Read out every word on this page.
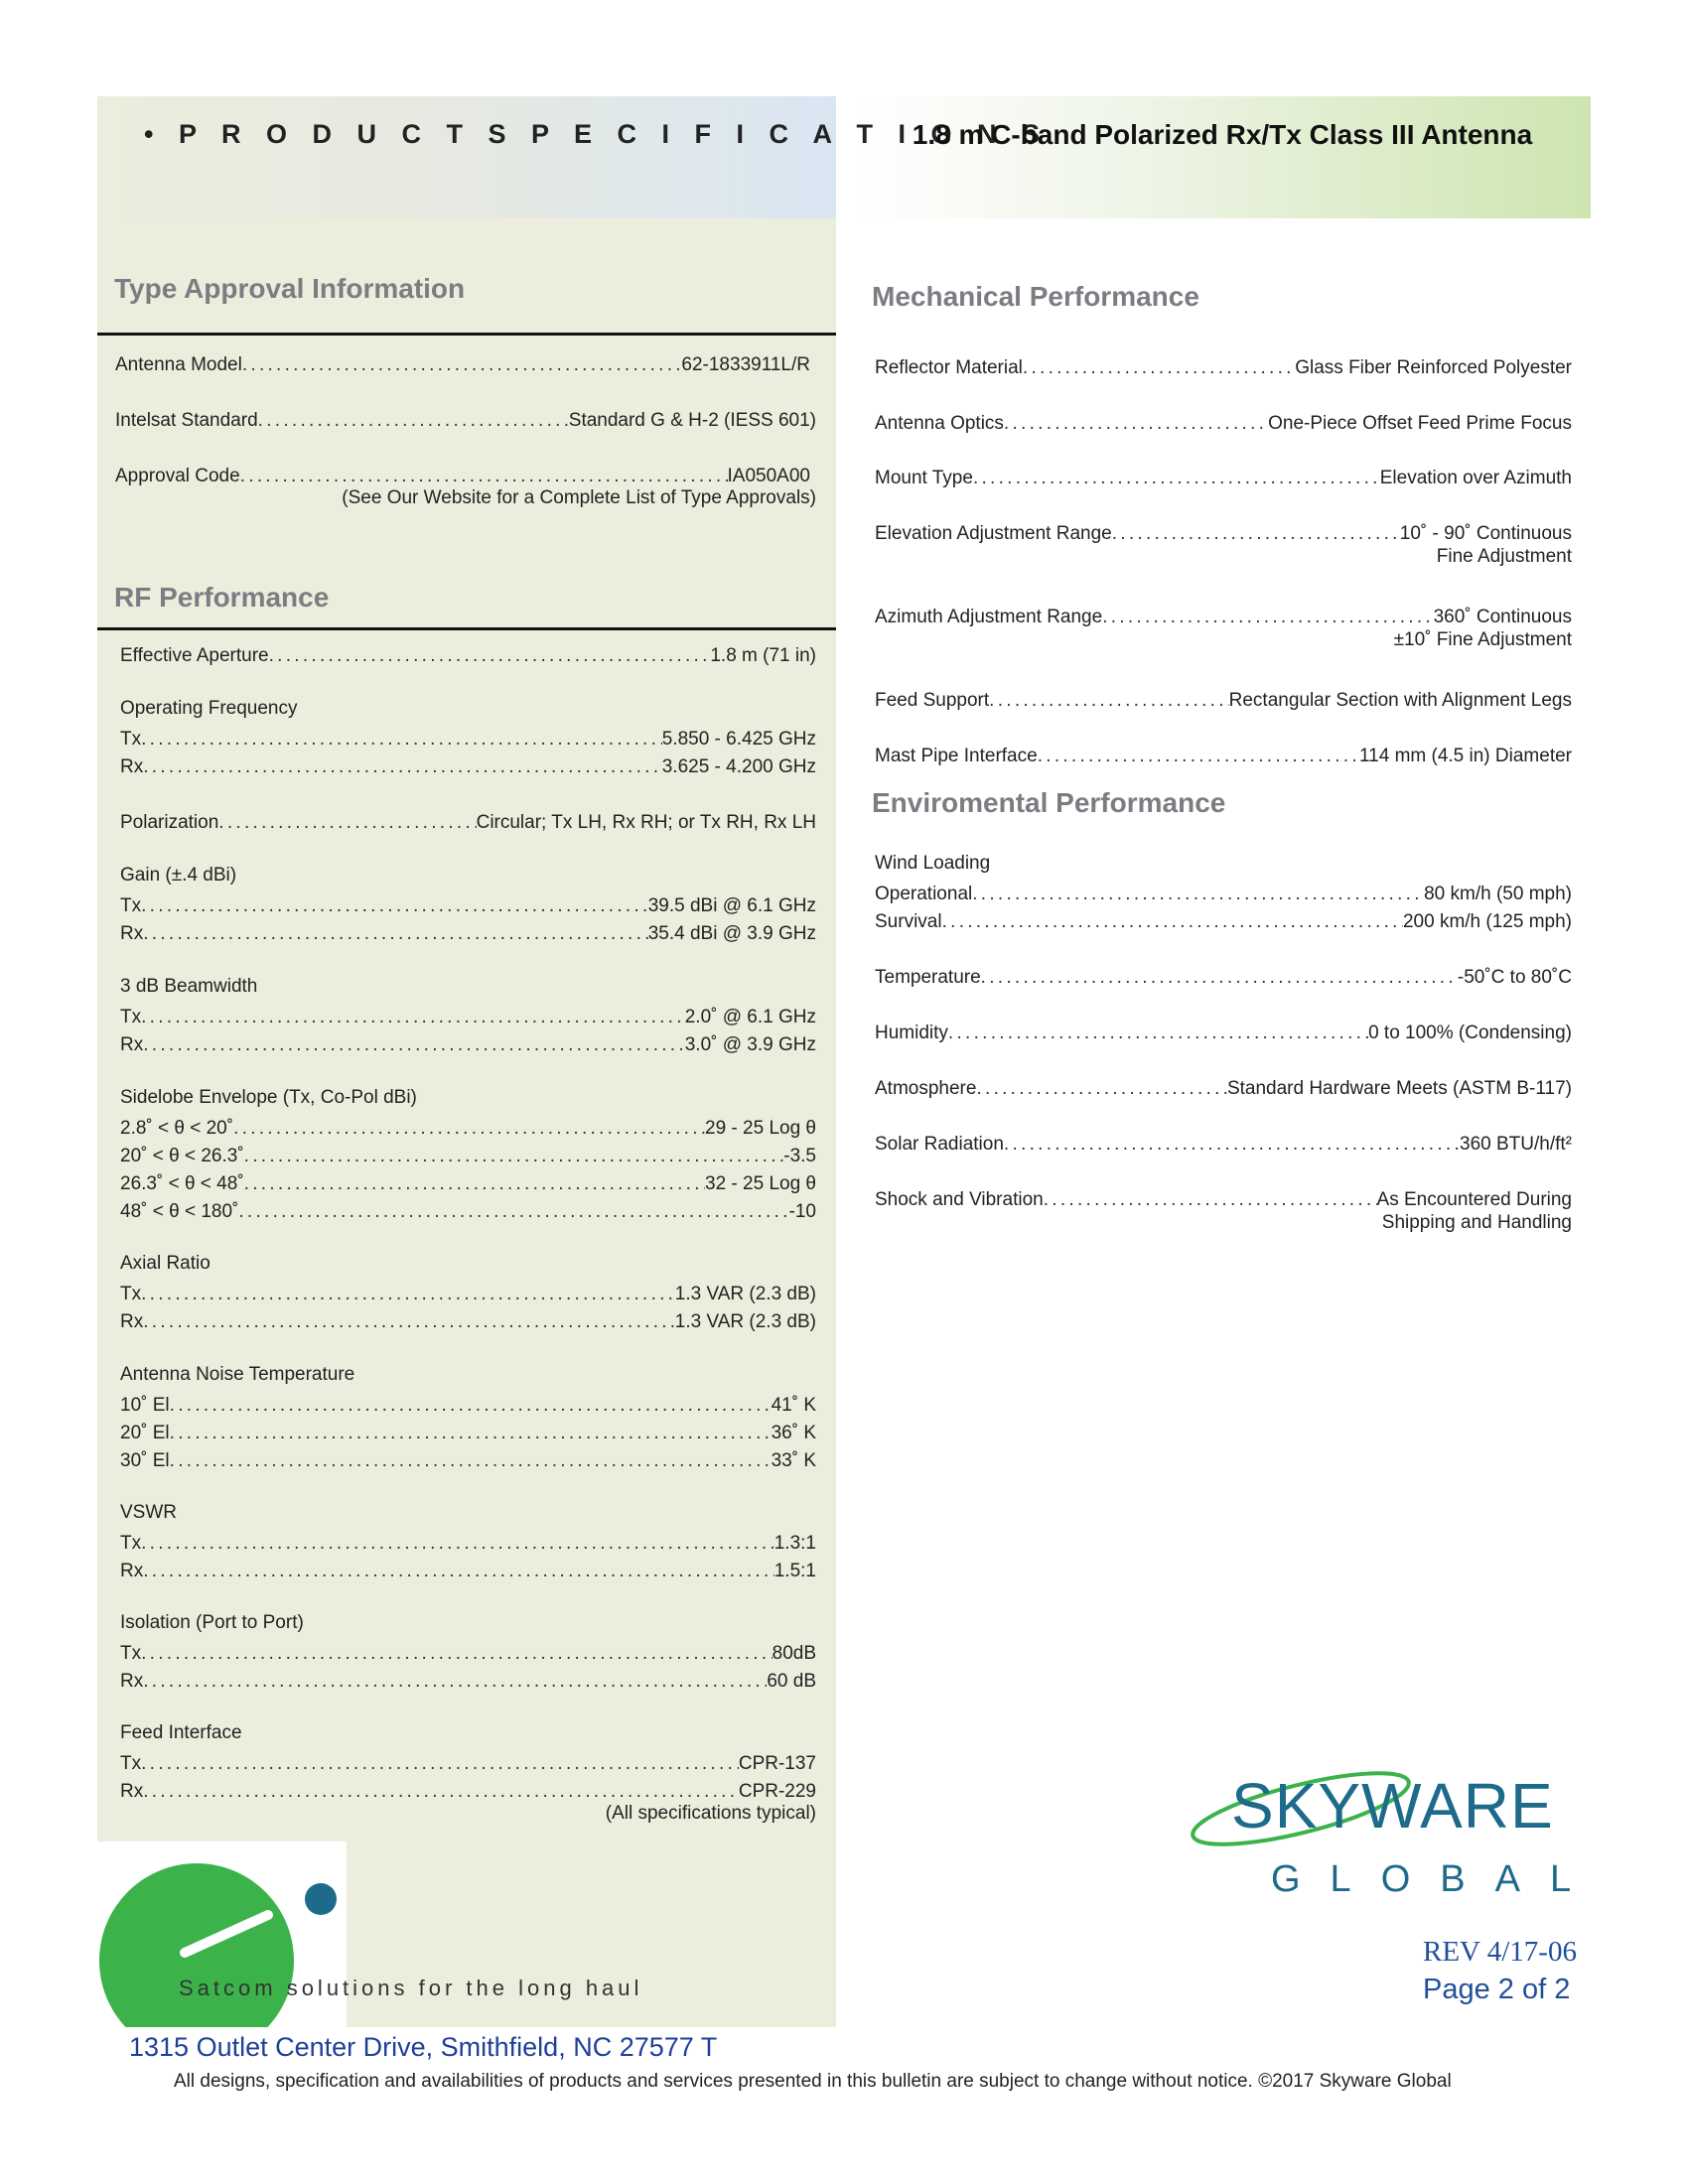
• P R O D U C T S P E C I F I C A T I O N S
1.8 m C-band Polarized Rx/Tx Class III Antenna
Type Approval Information
Antenna Model . . .	62-1833911L/R
Intelsat Standard . . .	Standard G & H-2 (IESS 601)
Approval Code . . .	IA050A00
(See Our Website for a Complete List of Type Approvals)
RF Performance
Effective Aperture . . .	1.8 m (71 in)
Operating Frequency
Tx . . .	5.850 - 6.425 GHz
Rx . . .	3.625 - 4.200 GHz
Polarization . . .	Circular; Tx LH, Rx RH; or Tx RH, Rx LH
Gain (±.4 dBi)
Tx . . .	39.5 dBi @ 6.1 GHz
Rx . . .	35.4 dBi @ 3.9 GHz
3 dB Beamwidth
Tx . . .	2.0˚ @ 6.1 GHz
Rx . . .	3.0˚ @ 3.9 GHz
Sidelobe Envelope (Tx, Co-Pol dBi)
2.8˚ < θ < 20˚ . . .	29 - 25 Log θ
20˚ < θ < 26.3˚ . . .	-3.5
26.3˚ < θ < 48˚ . . .	32 - 25 Log θ
48˚ < θ < 180˚ . . .	-10
Axial Ratio
Tx . . .	1.3 VAR (2.3 dB)
Rx . . .	1.3 VAR (2.3 dB)
Antenna Noise Temperature
10˚ El . . .	41˚ K
20˚ El . . .	36˚ K
30˚ El . . .	33˚ K
VSWR
Tx . . .	1.3:1
Rx . . .	1.5:1
Isolation (Port to Port)
Tx . . .	80dB
Rx . . .	60 dB
Feed Interface
Tx . . .	CPR-137
Rx . . .	CPR-229
(All specifications typical)
Satcom solutions for the long haul
Mechanical Performance
Reflector Material . . .	Glass Fiber Reinforced Polyester
Antenna Optics . . .	One-Piece Offset Feed Prime Focus
Mount Type . . .	Elevation over Azimuth
Elevation Adjustment Range . . .	10˚ - 90˚ Continuous
Fine Adjustment
Azimuth Adjustment Range . . .	360˚ Continuous
±10˚ Fine Adjustment
Feed Support . . .	Rectangular Section with Alignment Legs
Mast Pipe Interface . . .	114 mm (4.5 in) Diameter
Enviromental Performance
Wind Loading
Operational . . .	80 km/h (50 mph)
Survival . . .	200 km/h (125 mph)
Temperature . . .	-50˚C to 80˚C
Humidity . . .	0 to 100% (Condensing)
Atmosphere . . .	Standard Hardware Meets (ASTM B-117)
Solar Radiation . . .	360 BTU/h/ft²
Shock and Vibration . . .	As Encountered During
Shipping and Handling
SKYWARE
GLOBAL
REV 4/17-06
Page 2 of 2
1315 Outlet Center Drive, Smithfield, NC 27577 T
All designs, specification and availabilities of products and services presented in this bulletin are subject to change without notice. ©2017 Skyware Global
